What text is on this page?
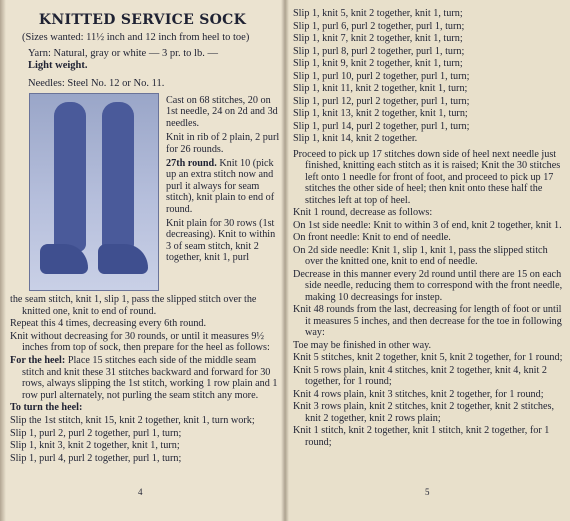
KNITTED SERVICE SOCK
(Sizes wanted: 11½ inch and 12 inch from heel to toe)
Yarn: Natural, gray or white — 3 pr. to lb. —
Light weight.
Needles: Steel No. 12 or No. 11.

Cast on 68 stitches, 20 on 1st needle, 24 on 2d and 3d needles.

Knit in rib of 2 plain, 2 purl for 26 rounds.

27th round. Knit 10 (pick up an extra stitch now and purl it always for seam stitch), knit plain to end of round.

Knit plain for 30 rows (1st decreasing). Knit to within 3 of seam stitch, knit 2 together, knit 1, purl

the seam stitch, knit 1, slip 1, pass the slipped stitch over the knitted one, knit to end of round.

Repeat this 4 times, decreasing every 6th round.

Knit without decreasing for 30 rounds, or until it measures 9½ inches from top of sock, then prepare for the heel as follows:

For the heel: Place 15 stitches each side of the middle seam stitch and knit these 31 stitches backward and forward for 30 rows, always slipping the 1st stitch, working 1 row plain and 1 row purl alternately, not purling the seam stitch any more.

To turn the heel:

Slip the 1st stitch, knit 15, knit 2 together, knit 1, turn work;

Slip 1, purl 2, purl 2 together, purl 1, turn;

Slip 1, knit 3, knit 2 together, knit 1, turn;

Slip 1, purl 4, purl 2 together, purl 1, turn;

4

Slip 1, knit 5, knit 2 together, knit 1, turn;

Slip 1, purl 6, purl 2 together, purl 1, turn;

Slip 1, knit 7, knit 2 together, knit 1, turn;

Slip 1, purl 8, purl 2 together, purl 1, turn;

Slip 1, knit 9, knit 2 together, knit 1, turn;

Slip 1, purl 10, purl 2 together, purl 1, turn;

Slip 1, knit 11, knit 2 together, knit 1, turn;

Slip 1, purl 12, purl 2 together, purl 1, turn;

Slip 1, knit 13, knit 2 together, knit 1, turn;

Slip 1, purl 14, purl 2 together, purl 1, turn;

Slip 1, knit 14, knit 2 together.

Proceed to pick up 17 stitches down side of heel next needle just finished, knitting each stitch as it is raised; Knit the 30 stitches left onto 1 needle for front of foot, and proceed to pick up 17 stitches the other side of heel; then knit onto these half the stitches left at top of heel.

Knit 1 round, decrease as follows:

On 1st side needle: Knit to within 3 of end, knit 2 together, knit 1.

On front needle: Knit to end of needle.

On 2d side needle: Knit 1, slip 1, knit 1, pass the slipped stitch over the knitted one, knit to end of needle.

Decrease in this manner every 2d round until there are 15 on each side needle, reducing them to correspond with the front needle, making 10 decreasings for instep.

Knit 48 rounds from the last, decreasing for length of foot or until it measures 5 inches, and then decrease for the toe in following way:

Toe may be finished in other way.

Knit 5 stitches, knit 2 together, knit 5, knit 2 together, for 1 round;

Knit 5 rows plain, knit 4 stitches, knit 2 together, knit 4, knit 2 together, for 1 round;

Knit 4 rows plain, knit 3 stitches, knit 2 together, for 1 round;

Knit 3 rows plain, knit 2 stitches, knit 2 together, knit 2 stitches, knit 2 together, knit 2 rows plain;

Knit 1 stitch, knit 2 together, knit 1 stitch, knit 2 together, for 1 round;

5
